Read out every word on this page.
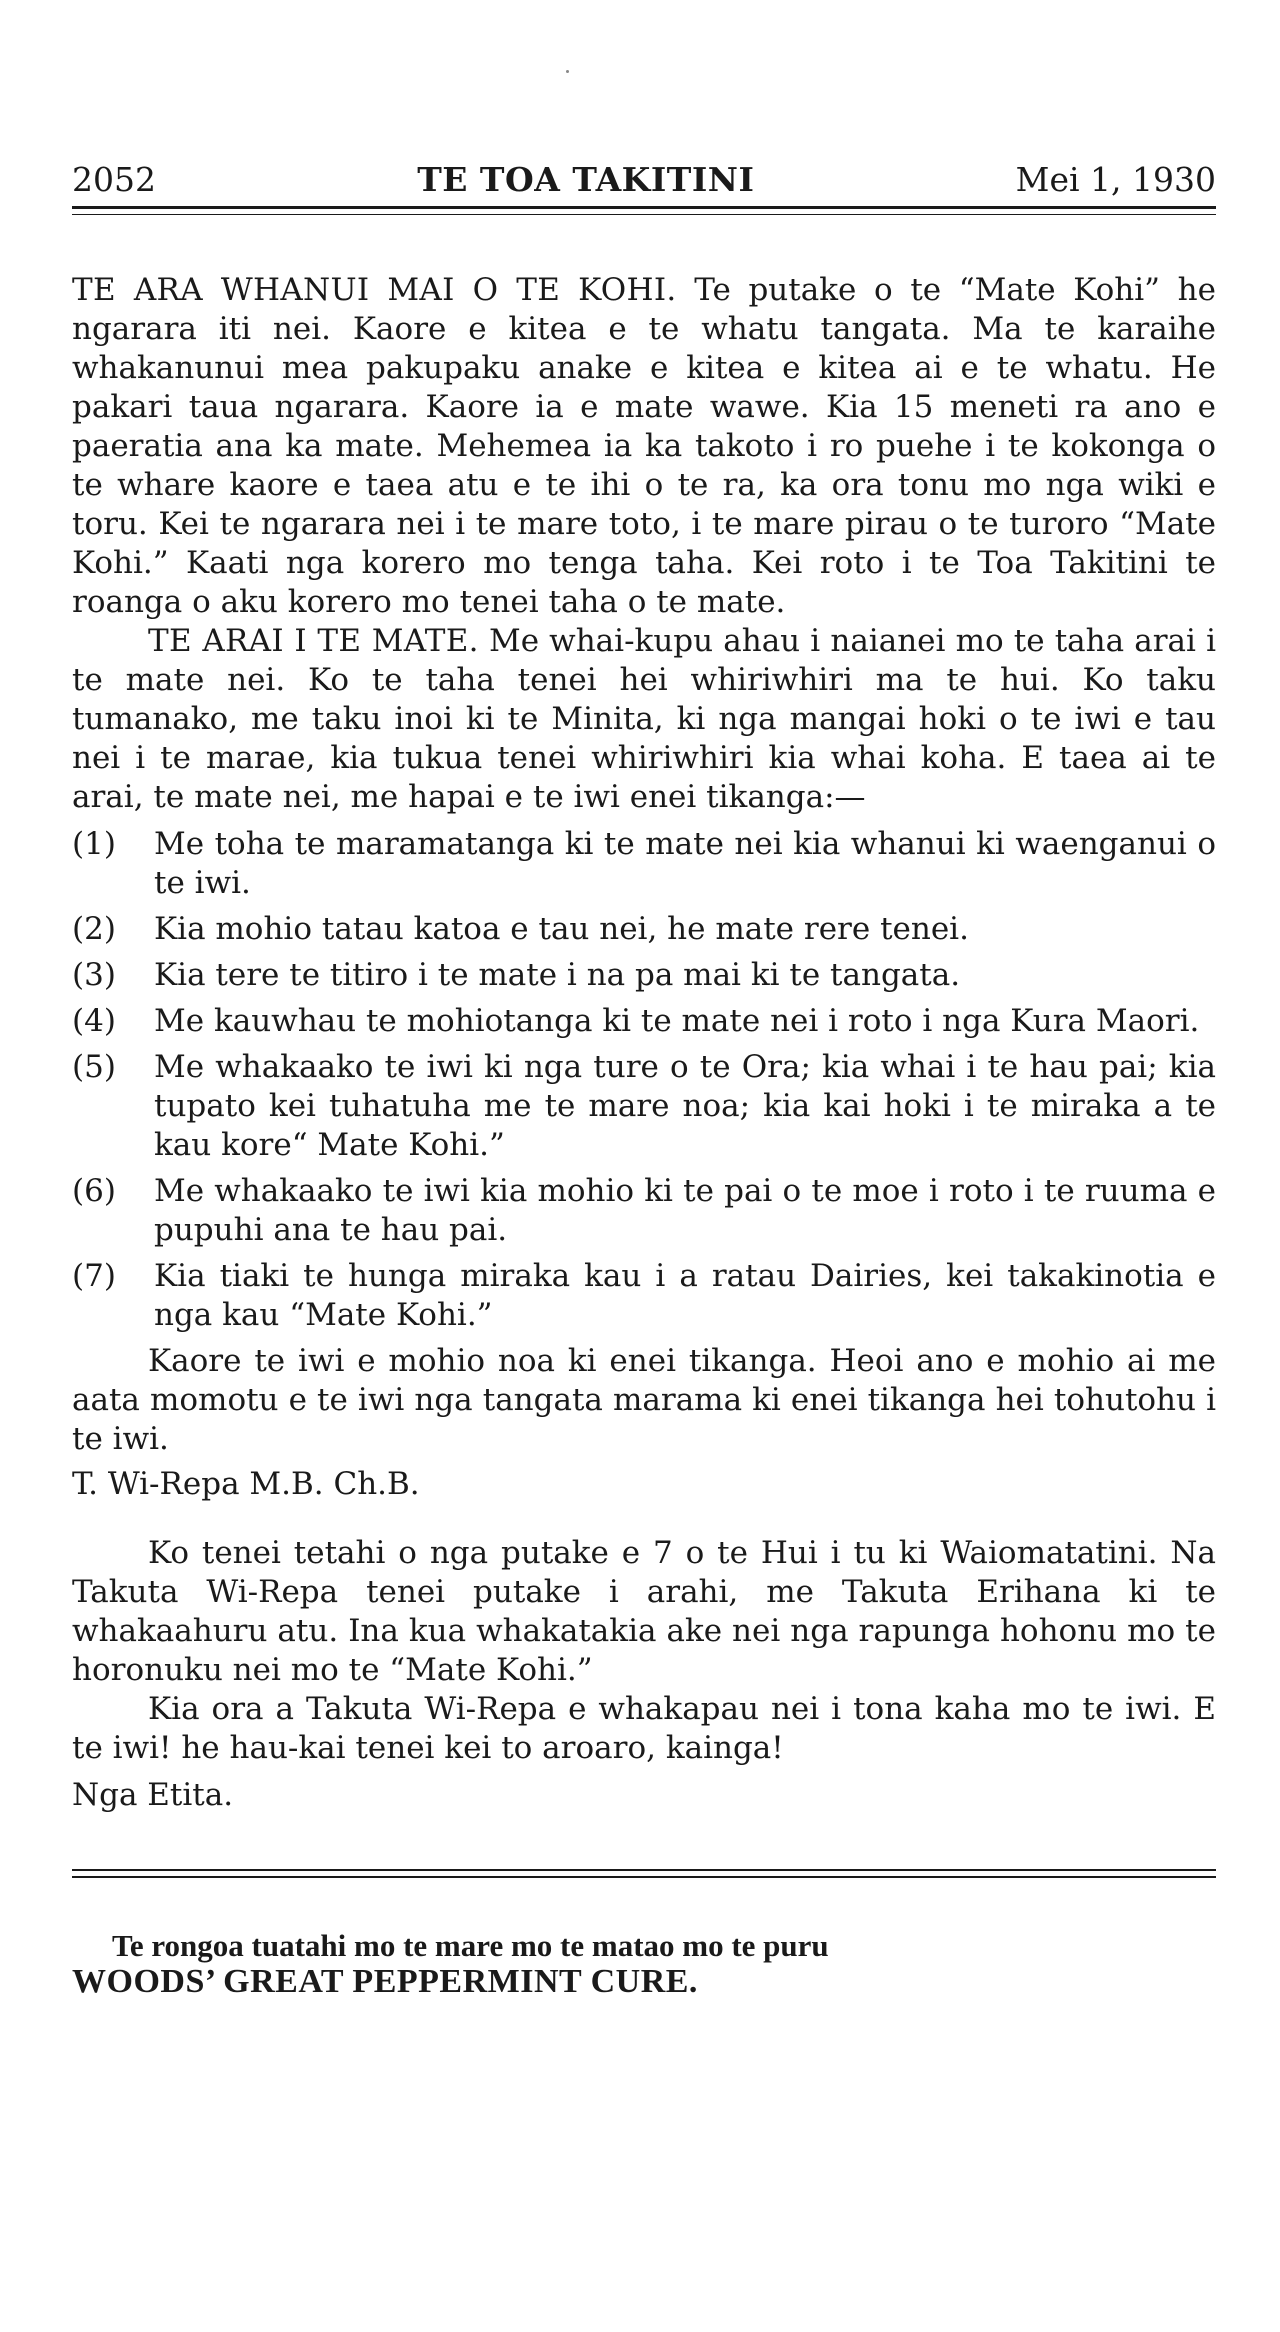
2052	TE TOA TAKITINI	Mei 1, 1930

TE ARA WHANUI MAI O TE KOHI. Te putake o te “Mate Kohi” he ngarara iti nei. Kaore e kitea e te whatu tangata. Ma te karaihe whakanunui mea pakupaku anake e kitea e kitea ai e te whatu. He pakari taua ngarara. Kaore ia e mate wawe. Kia 15 meneti ra ano e paeratia ana ka mate. Mehemea ia ka takoto i ro puehe i te kokonga o te whare kaore e taea atu e te ihi o te ra, ka ora tonu mo nga wiki e toru. Kei te ngarara nei i te mare toto, i te mare pirau o te turoro “Mate Kohi.” Kaati nga korero mo tenga taha. Kei roto i te Toa Takitini te roanga o aku korero mo tenei taha o te mate.

TE ARAI I TE MATE. Me whai-kupu ahau i naianei mo te taha arai i te mate nei. Ko te taha tenei hei whiriwhiri ma te hui. Ko taku tumanako, me taku inoi ki te Minita, ki nga mangai hoki o te iwi e tau nei i te marae, kia tukua tenei whiriwhiri kia whai koha. E taea ai te arai, te mate nei, me hapai e te iwi enei tikanga:—

(1)	Me toha te maramatanga ki te mate nei kia whanui ki waenganui o te iwi.
(2)	Kia mohio tatau katoa e tau nei, he mate rere tenei.
(3)	Kia tere te titiro i te mate i na pa mai ki te tangata.
(4)	Me kauwhau te mohiotanga ki te mate nei i roto i nga Kura Maori.
(5)	Me whakaako te iwi ki nga ture o te Ora; kia whai i te hau pai; kia tupato kei tuhatuha me te mare noa; kia kai hoki i te miraka a te kau kore“ Mate Kohi.”
(6)	Me whakaako te iwi kia mohio ki te pai o te moe i roto i te ruuma e pupuhi ana te hau pai.
(7)	Kia tiaki te hunga miraka kau i a ratau Dairies, kei takakinotia e nga kau “Mate Kohi.”

Kaore te iwi e mohio noa ki enei tikanga. Heoi ano e mohio ai me aata momotu e te iwi nga tangata marama ki enei tikanga hei tohutohu i te iwi.

T. Wi-Repa M.B. Ch.B.

Ko tenei tetahi o nga putake e 7 o te Hui i tu ki Waiomatatini. Na Takuta Wi-Repa tenei putake i arahi, me Takuta Erihana ki te whakaahuru atu. Ina kua whakatakia ake nei nga rapunga hohonu mo te horonuku nei mo te “Mate Kohi.”

Kia ora a Takuta Wi-Repa e whakapau nei i tona kaha mo te iwi. E te iwi! he hau-kai tenei kei to aroaro, kainga!

Nga Etita.

Te rongoa tuatahi mo te mare mo te matao mo te puru
WOODS’ GREAT PEPPERMINT CURE.
